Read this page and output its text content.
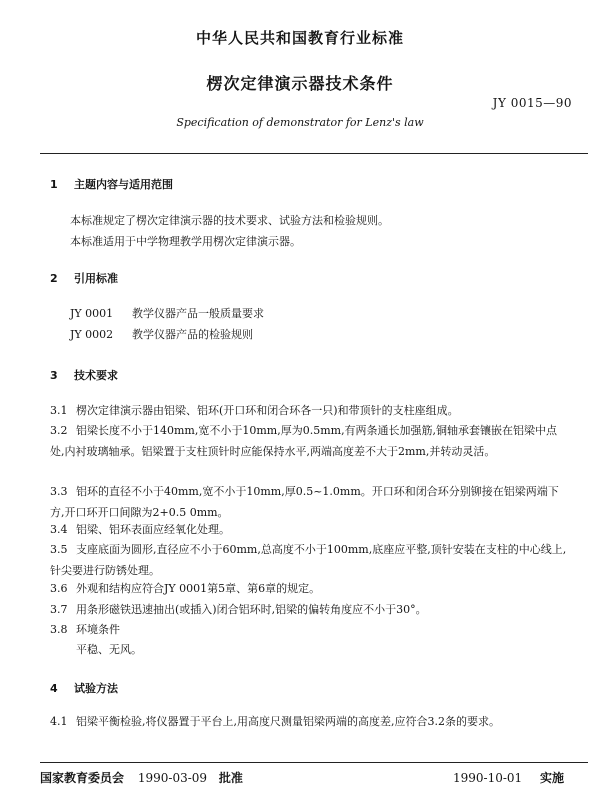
中华人民共和国教育行业标准
楞次定律演示器技术条件
JY 0015—90
Specification of demonstrator for Lenz's law
1 主题内容与适用范围
本标准规定了楞次定律演示器的技术要求、试验方法和检验规则。
本标准适用于中学物理教学用楞次定律演示器。
2 引用标准
JY 0001 教学仪器产品一般质量要求
JY 0002 教学仪器产品的检验规则
3 技术要求
3.1 楞次定律演示器由铝梁、铝环(开口环和闭合环各一只)和带顶针的支柱座组成。
3.2 铝梁长度不小于140mm,宽不小于10mm,厚为0.5mm,有两条通长加强筋,铜轴承套镶嵌在铝梁中点处,内衬玻璃轴承。铝梁置于支柱顶针时应能保持水平,两端高度差不大于2mm,并转动灵活。
3.3 铝环的直径不小于40mm,宽不小于10mm,厚0.5~1.0mm。开口环和闭合环分别铆接在铝梁两端下方,开口环开口间隙为2+0.5 0mm。
3.4 铝梁、铝环表面应经氧化处理。
3.5 支座底面为圆形,直径应不小于60mm,总高度不小于100mm,底座应平整,顶针安装在支柱的中心线上,针尖要进行防锈处理。
3.6 外观和结构应符合JY 0001第5章、第6章的规定。
3.7 用条形磁铁迅速抽出(或插入)闭合铝环时,铝梁的偏转角度应不小于30°。
3.8 环境条件
平稳、无风。
4 试验方法
4.1 铝梁平衡检验,将仪器置于平台上,用高度尺测量铝梁两端的高度差,应符合3.2条的要求。
国家教育委员会 1990-03-09 批准	1990-10-01 实施
